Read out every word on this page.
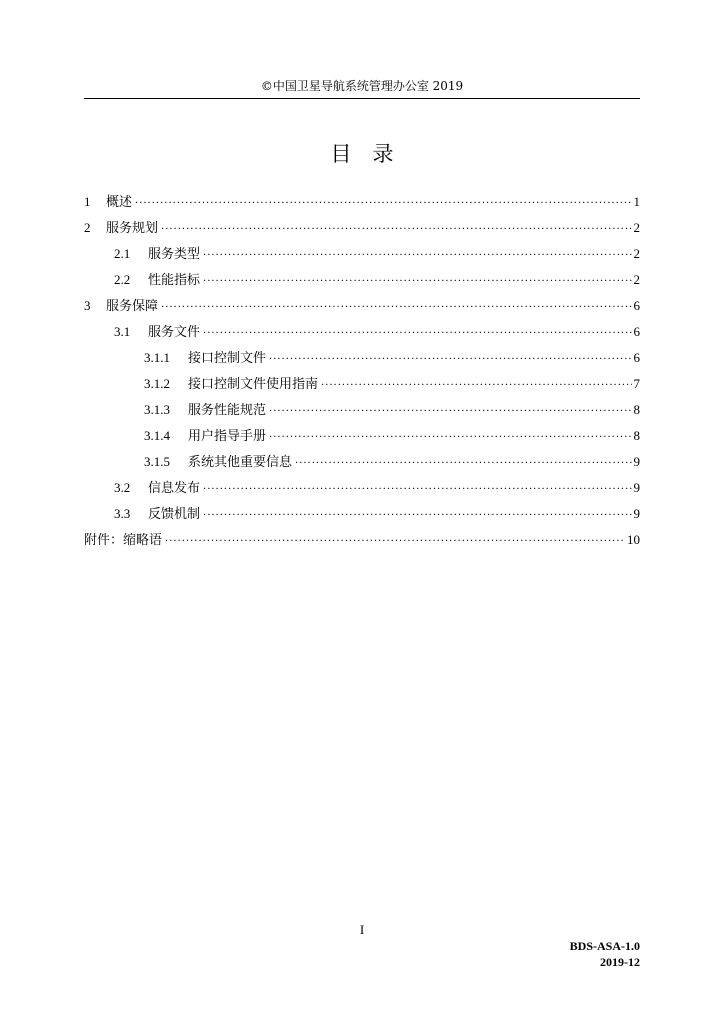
©中国卫星导航系统管理办公室 2019
目　录
1	概述 ·····	1
2	服务规划 ·····	2
2.1	服务类型 ·····	2
2.2	性能指标 ·····	2
3	服务保障 ·····	6
3.1	服务文件 ·····	6
3.1.1	接口控制文件 ·····	6
3.1.2	接口控制文件使用指南 ·····	7
3.1.3	服务性能规范 ·····	8
3.1.4	用户指导手册 ·····	8
3.1.5	系统其他重要信息 ·····	9
3.2	信息发布 ·····	9
3.3	反馈机制 ·····	9
附件：缩略语 ·····	10
I
BDS-ASA-1.0
2019-12
